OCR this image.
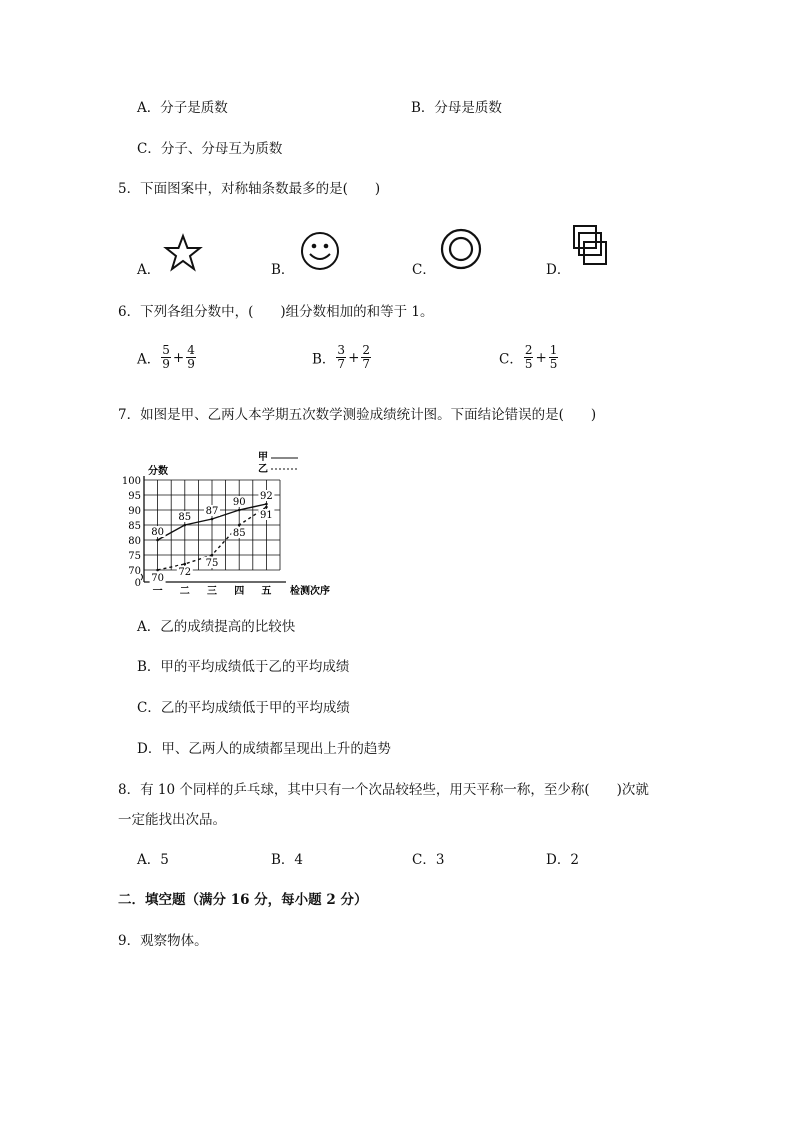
A．分子是质数	B．分母是质数
C．分子、分母互为质数
5．下面图案中，对称轴条数最多的是(　　)
A．	B．	C．	D．
6．下列各组分数中，(　　)组分数相加的和等于 1。
A． $\frac{5}{9} + \frac{4}{9}$	B． $\frac{3}{7} + \frac{2}{7}$	C． $\frac{2}{5} + \frac{1}{5}$
7．如图是甲、乙两人本学期五次数学测验成绩统计图。下面结论错误的是(　　)
0
70
75
80
85
90
95
100
分数
一 二 三 四 五 检测次序
甲
乙
80
85
87
90
92
70
72
75
85
91
A．乙的成绩提高的比较快
B．甲的平均成绩低于乙的平均成绩
C．乙的平均成绩低于甲的平均成绩
D．甲、乙两人的成绩都呈现出上升的趋势
8．有 10 个同样的乒乓球，其中只有一个次品较轻些，用天平称一称，至少称(　　)次就
一定能找出次品。
A．5	B．4	C．3	D．2
二．填空题（满分 16 分，每小题 2 分）
9．观察物体。
